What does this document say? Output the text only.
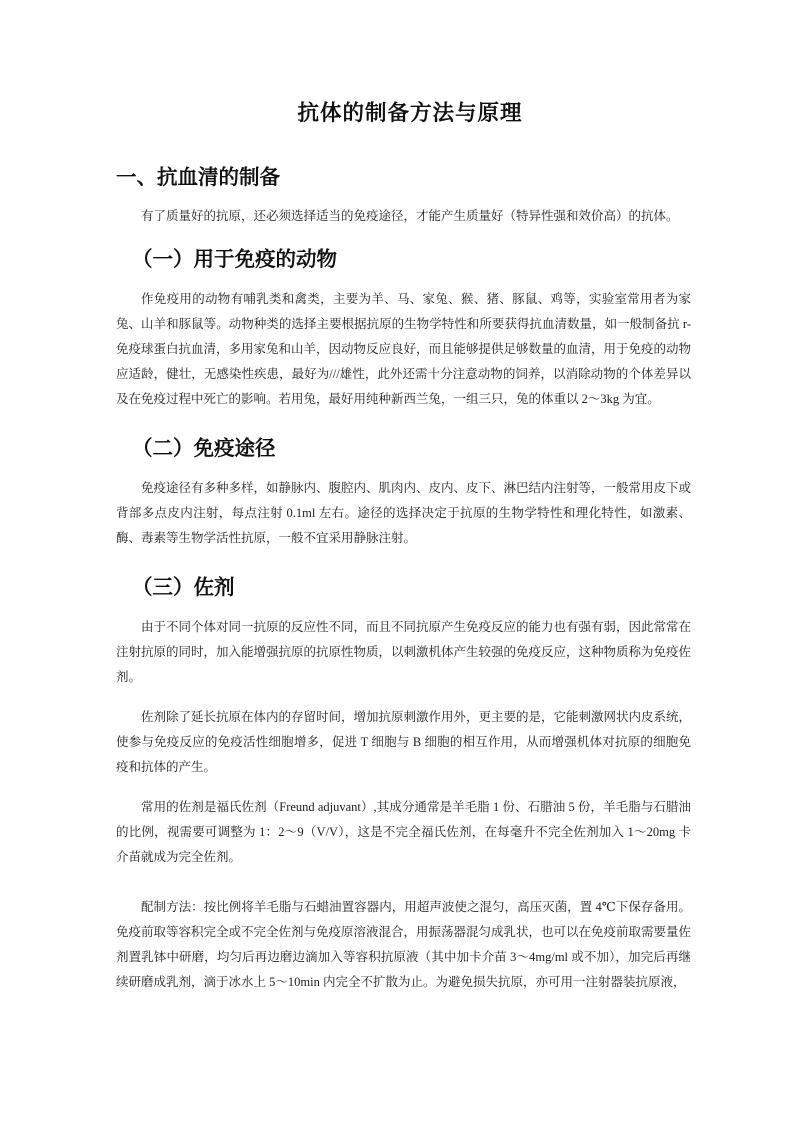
抗体的制备方法与原理
一、抗血清的制备

有了质量好的抗原，还必须选择适当的免疫途径，才能产生质量好（特异性强和效价高）的抗体。

（一）用于免疫的动物

作免疫用的动物有哺乳类和禽类，主要为羊、马、家兔、猴、猪、豚鼠、鸡等，实验室常用者为家兔、山羊和豚鼠等。动物种类的选择主要根据抗原的生物学特性和所要获得抗血清数量，如一般制备抗 r-免疫球蛋白抗血清，多用家兔和山羊，因动物反应良好，而且能够提供足够数量的血清，用于免疫的动物应适龄，健壮，无感染性疾患，最好为///雄性，此外还需十分注意动物的饲养，以消除动物的个体差异以及在免疫过程中死亡的影响。若用兔，最好用纯种新西兰兔，一组三只，兔的体重以 2～3kg 为宜。

（二）免疫途径

免疫途径有多种多样，如静脉内、腹腔内、肌肉内、皮内、皮下、淋巴结内注射等，一般常用皮下或背部多点皮内注射，每点注射 0.1ml 左右。途径的选择决定于抗原的生物学特性和理化特性，如激素、酶、毒素等生物学活性抗原，一般不宜采用静脉注射。

（三）佐剂

由于不同个体对同一抗原的反应性不同，而且不同抗原产生免疫反应的能力也有强有弱，因此常常在注射抗原的同时，加入能增强抗原的抗原性物质，以刺激机体产生较强的免疫反应，这种物质称为免疫佐剂。

佐剂除了延长抗原在体内的存留时间，增加抗原刺激作用外，更主要的是，它能刺激网状内皮系统，使参与免疫反应的免疫活性细胞增多，促进 T 细胞与 B 细胞的相互作用，从而增强机体对抗原的细胞免疫和抗体的产生。

常用的佐剂是福氏佐剂（Freund adjuvant）,其成分通常是羊毛脂 1 份、石腊油 5 份，羊毛脂与石腊油的比例，视需要可调整为 1：2～9（V/V），这是不完全福氏佐剂，在每毫升不完全佐剂加入 1～20mg 卡介苗就成为完全佐剂。

配制方法：按比例将羊毛脂与石蜡油置容器内，用超声波使之混匀，高压灭菌，置 4℃下保存备用。免疫前取等容积完全或不完全佐剂与免疫原溶液混合，用振荡器混匀成乳状，也可以在免疫前取需要量佐剂置乳钵中研磨，均匀后再边磨边滴加入等容积抗原液（其中加卡介苗 3～4mg/ml 或不加），加完后再继续研磨成乳剂，滴于冰水上 5～10min 内完全不扩散为止。为避免损失抗原，亦可用一注射器装抗原液，
